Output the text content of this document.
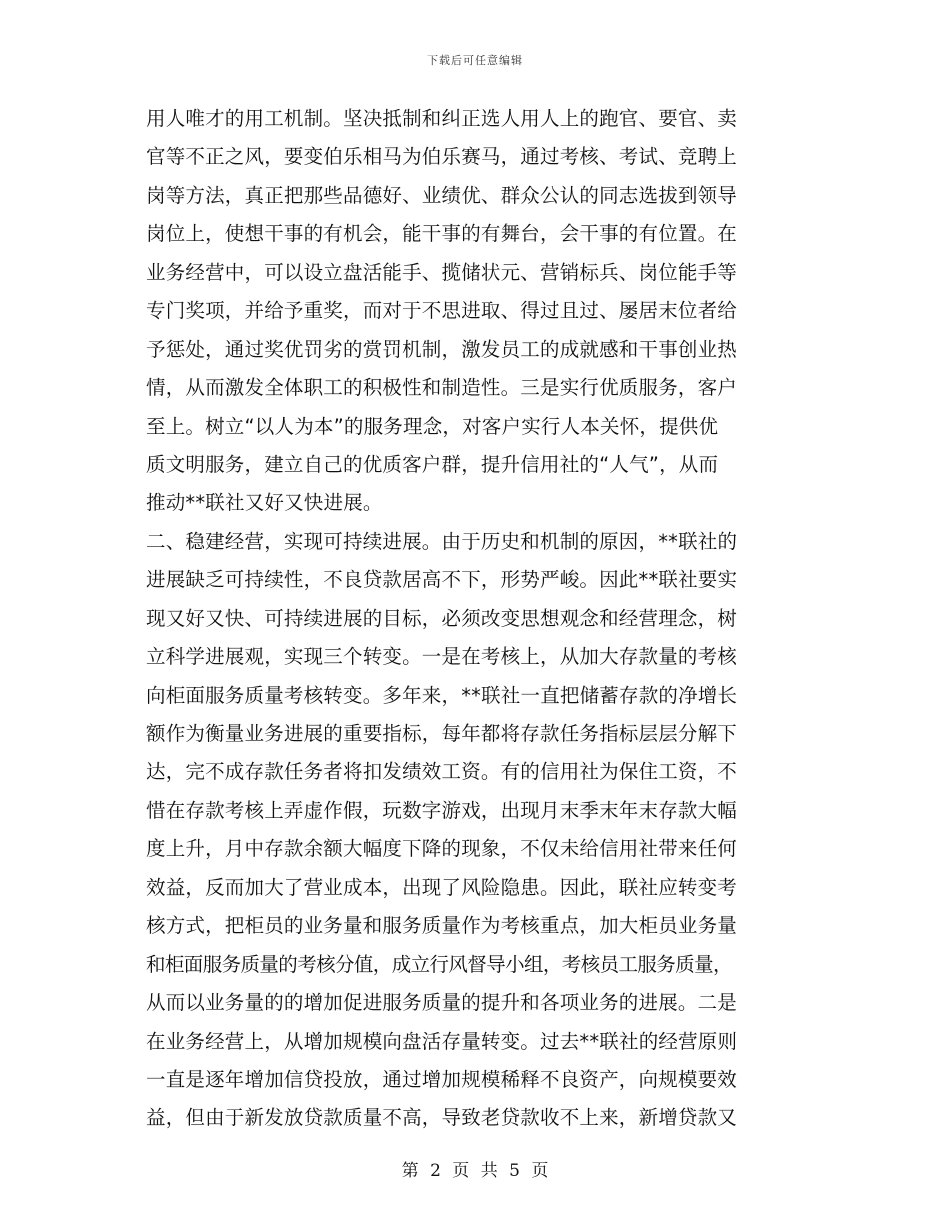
下载后可任意编辑
用人唯才的用工机制。坚决抵制和纠正选人用人上的跑官、要官、卖
官等不正之风，要变伯乐相马为伯乐赛马，通过考核、考试、竞聘上
岗等方法，真正把那些品德好、业绩优、群众公认的同志选拔到领导
岗位上，使想干事的有机会，能干事的有舞台，会干事的有位置。在
业务经营中，可以设立盘活能手、揽储状元、营销标兵、岗位能手等
专门奖项，并给予重奖，而对于不思进取、得过且过、屡居末位者给
予惩处，通过奖优罚劣的赏罚机制，激发员工的成就感和干事创业热
情，从而激发全体职工的积极性和制造性。三是实行优质服务，客户
至上。树立“以人为本”的服务理念，对客户实行人本关怀，提供优
质文明服务，建立自己的优质客户群，提升信用社的“人气”，从而
推动**联社又好又快进展。
二、稳建经营，实现可持续进展。由于历史和机制的原因，**联社的
进展缺乏可持续性，不良贷款居高不下，形势严峻。因此**联社要实
现又好又快、可持续进展的目标，必须改变思想观念和经营理念，树
立科学进展观，实现三个转变。一是在考核上，从加大存款量的考核
向柜面服务质量考核转变。多年来，**联社一直把储蓄存款的净增长
额作为衡量业务进展的重要指标，每年都将存款任务指标层层分解下
达，完不成存款任务者将扣发绩效工资。有的信用社为保住工资，不
惜在存款考核上弄虚作假，玩数字游戏，出现月末季末年末存款大幅
度上升，月中存款余额大幅度下降的现象，不仅未给信用社带来任何
效益，反而加大了营业成本，出现了风险隐患。因此，联社应转变考
核方式，把柜员的业务量和服务质量作为考核重点，加大柜员业务量
和柜面服务质量的考核分值，成立行风督导小组，考核员工服务质量，
从而以业务量的的增加促进服务质量的提升和各项业务的进展。二是
在业务经营上，从增加规模向盘活存量转变。过去**联社的经营原则
一直是逐年增加信贷投放，通过增加规模稀释不良资产，向规模要效
益，但由于新发放贷款质量不高，导致老贷款收不上来，新增贷款又
第 2 页 共 5 页
